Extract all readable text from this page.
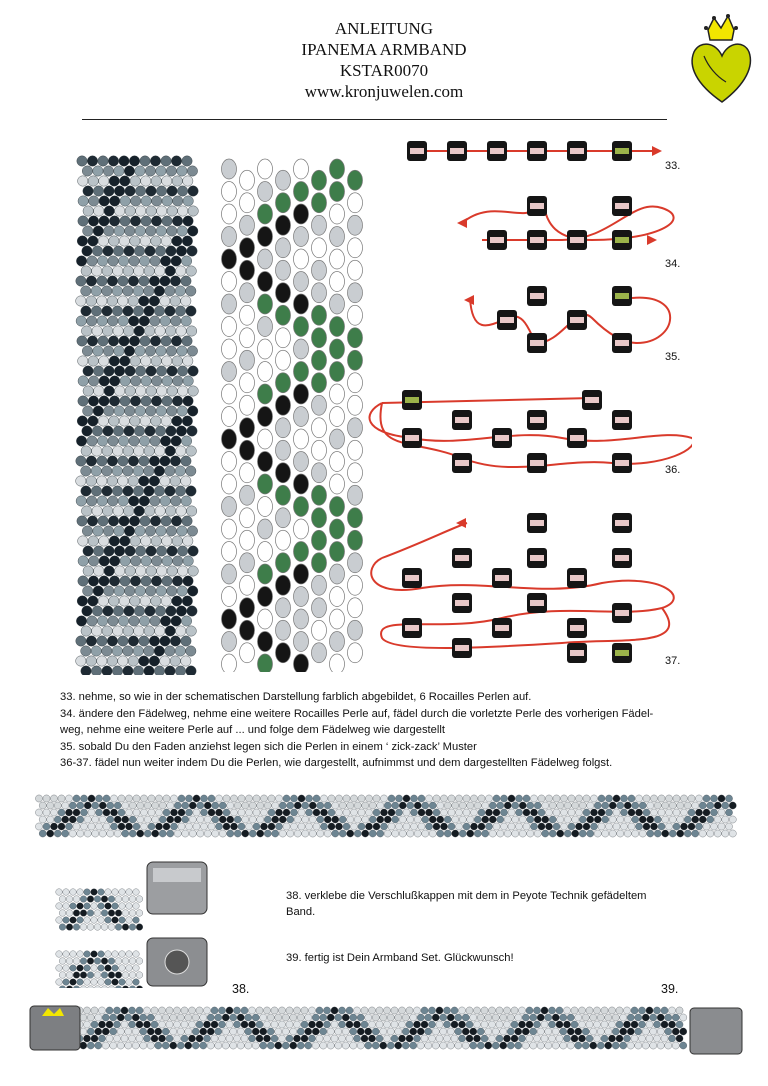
ANLEITUNG
IPANEMA ARMBAND
KSTAR0070
www.kronjuwelen.com
33.
34.
35.
36.
37.
33. nehme, so wie in der schematischen Darstellung farblich abgebildet, 6 Rocailles Perlen auf.
34. ändere den Fädelweg, nehme eine weitere Rocailles Perle auf, fädel durch die vorletzte Perle des vorherigen Fädel-
weg, nehme eine weitere Perle auf ... und folge dem Fädelweg wie dargestellt
35. sobald Du den Faden anziehst legen sich die Perlen in einem ‘ zick-zack’ Muster
36-37. fädel nun weiter indem Du die Perlen, wie dargestellt, aufnimmst und dem dargestellten Fädelweg folgst.
38. verklebe die Verschlußkappen mit dem in Peyote Technik gefädeltem
Band.
39. fertig ist Dein Armband Set. Glückwunsch!
38.	39.
